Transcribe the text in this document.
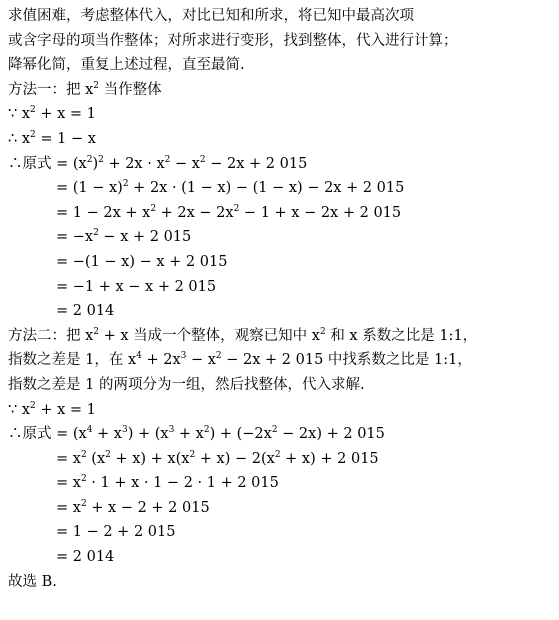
求值困难，考虑整体代入，对比已知和所求，将已知中最高次项
或含字母的项当作整体；对所求进行变形，找到整体，代入进行计算；
降幂化简，重复上述过程，直至最简.
方法一：把 $x^2$ 当作整体
∵ $x^2 + x = 1$
∴ $x^2 = 1 - x$
∴原式 = $(x^2)^2 + 2x \cdot x^2 - x^2 - 2x + 2$ 015
= $(1 - x)^2 + 2x \cdot (1 - x) - (1 - x) - 2x + 2$ 015
= $1 - 2x + x^2 + 2x - 2x^2 - 1 + x - 2x + 2$ 015
= $-x^2 - x + 2$ 015
= −(1 − x) − x + 2 015
= −1 + x − x + 2 015
= 2 014
方法二：把 $x^2 + x$ 当成一个整体，观察已知中 $x^2$ 和 x 系数之比是 1:1，
指数之差是 1，在 $x^4 + 2x^3 - x^2 - 2x + 2$ 015 中找系数之比是 1:1，
指数之差是 1 的两项分为一组，然后找整体，代入求解.
∵ $x^2 + x = 1$
∴原式 = $(x^4 + x^3) + (x^3 + x^2) + (-2x^2 - 2x) + 2$ 015
= $x^2$ $(x^2 + x) + x(x^2 + x) - 2(x^2 + x) + 2$ 015
= $x^2 \cdot 1 + x \cdot 1 - 2 \cdot 1 + 2$ 015
= $x^2 + x - 2 + 2$ 015
= 1 − 2 + 2 015
= 2 014
故选 B.
